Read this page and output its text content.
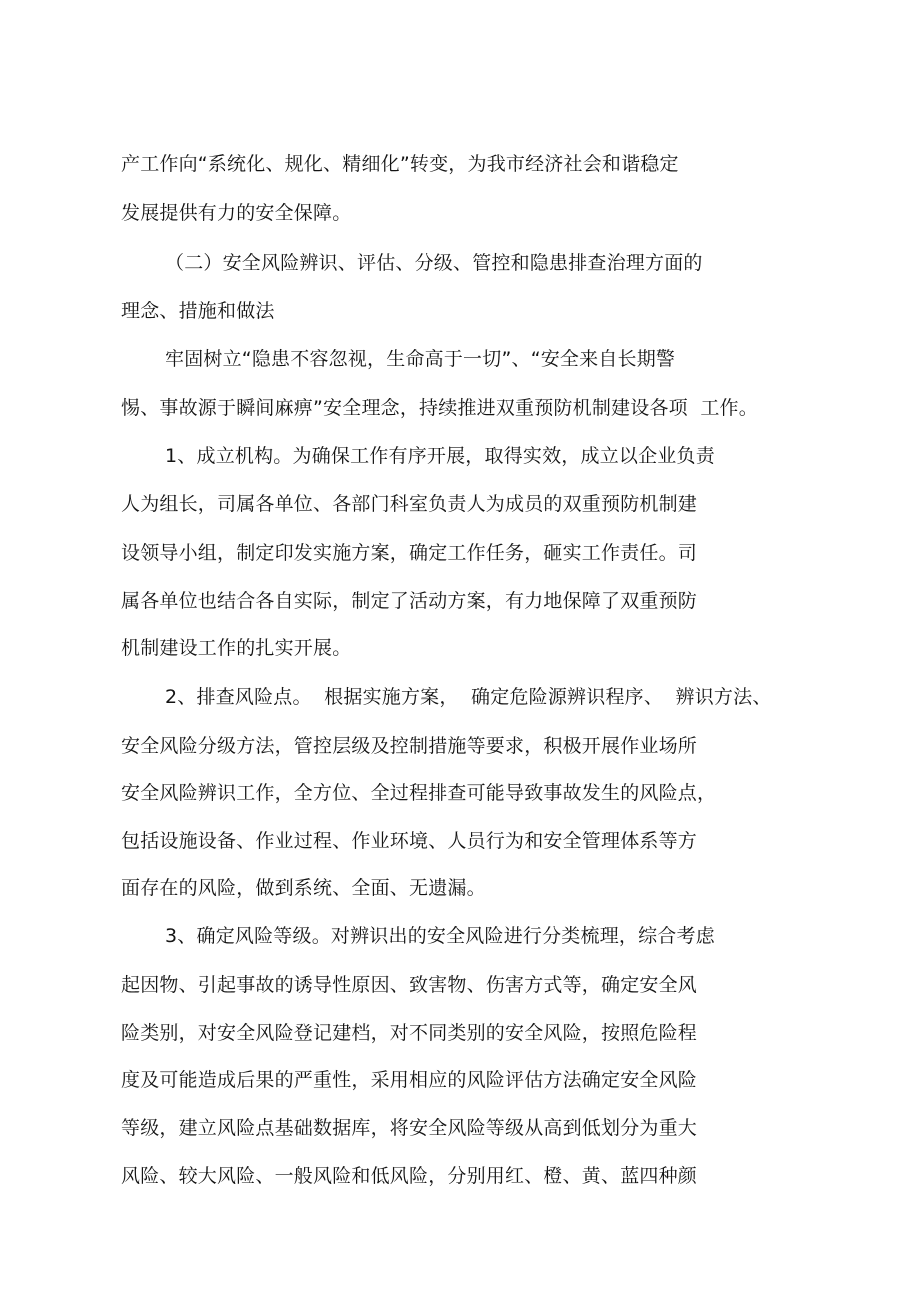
产工作向“系统化、规化、精细化”转变，为我市经济社会和谐稳定
发展提供有力的安全保障。
（二）安全风险辨识、评估、分级、管控和隐患排查治理方面的
理念、措施和做法
牢固树立“隐患不容忽视，生命高于一切”、“安全来自长期警
惕、事故源于瞬间麻痹”安全理念，持续推进双重预防机制建设各项  工作。
1、成立机构。为确保工作有序开展，取得实效，成立以企业负责
人为组长，司属各单位、各部门科室负责人为成员的双重预防机制建
设领导小组，制定印发实施方案，确定工作任务，砸实工作责任。司
属各单位也结合各自实际，制定了活动方案，有力地保障了双重预防
机制建设工作的扎实开展。
2、排查风险点。  根据实施方案，  确定危险源辨识程序、  辨识方法、
安全风险分级方法，管控层级及控制措施等要求，积极开展作业场所
安全风险辨识工作，全方位、全过程排查可能导致事故发生的风险点，
包括设施设备、作业过程、作业环境、人员行为和安全管理体系等方
面存在的风险，做到系统、全面、无遗漏。
3、确定风险等级。对辨识出的安全风险进行分类梳理，综合考虑
起因物、引起事故的诱导性原因、致害物、伤害方式等，确定安全风
险类别，对安全风险登记建档，对不同类别的安全风险，按照危险程
度及可能造成后果的严重性，采用相应的风险评估方法确定安全风险
等级，建立风险点基础数据库，将安全风险等级从高到低划分为重大
风险、较大风险、一般风险和低风险，分别用红、橙、黄、蓝四种颜
